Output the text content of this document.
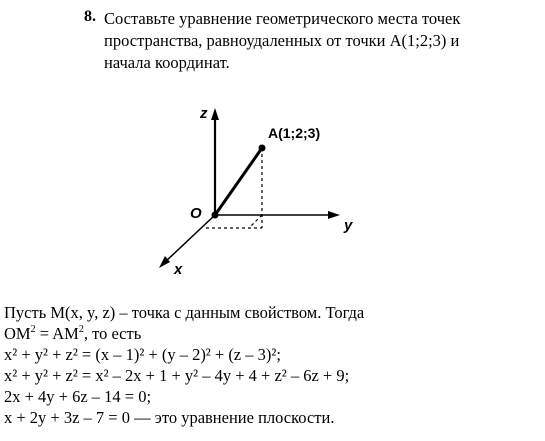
8. Составьте уравнение геометрического места точек
пространства, равноудаленных от точки A(1;2;3) и
начала координат.
z
y
x
O
A(1;2;3)
Пусть M(x, y, z) – точка с данным свойством. Тогда
$OM^2 = AM^2$, то есть
x² + y² + z² = (x – 1)² + (y – 2)² + (z – 3)²;
x² + y² + z² = x² – 2x + 1 + y² – 4y + 4 + z² – 6z + 9;
2x + 4y + 6z – 14 = 0;
x + 2y + 3z – 7 = 0 — это уравнение плоскости.
